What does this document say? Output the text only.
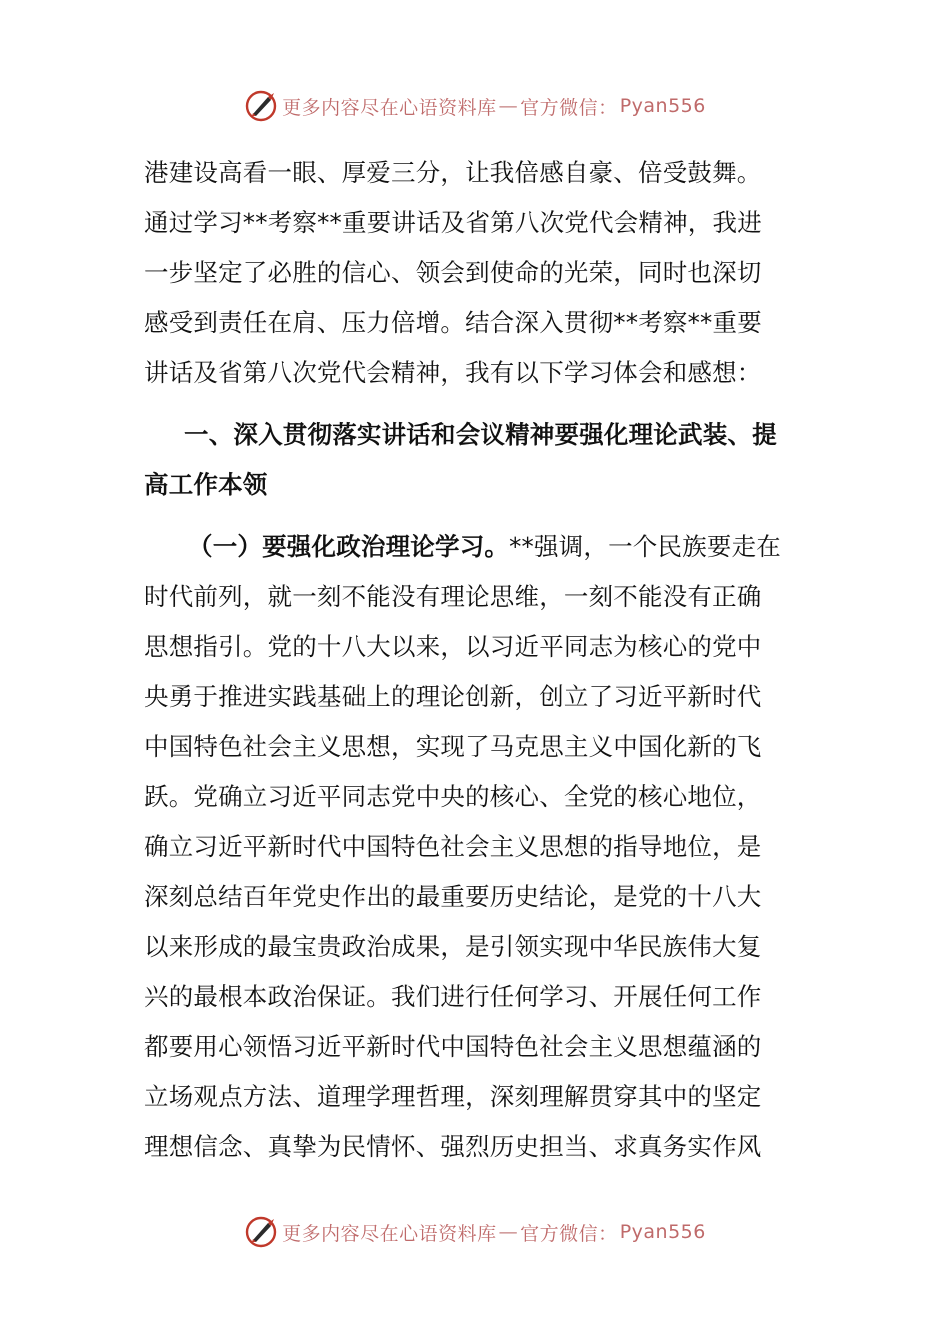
更多内容尽在心语资料库 — 官方微信： Pyan556
港建设高看一眼、厚爱三分，让我倍感自豪、倍受鼓舞。
通过学习**考察**重要讲话及省第八次党代会精神，我进
一步坚定了必胜的信心、领会到使命的光荣，同时也深切
感受到责任在肩、压力倍增。结合深入贯彻**考察**重要
讲话及省第八次党代会精神，我有以下学习体会和感想：
一、深入贯彻落实讲话和会议精神要强化理论武装、提
高工作本领
（一）要强化政治理论学习。**强调，一个民族要走在
时代前列，就一刻不能没有理论思维，一刻不能没有正确
思想指引。党的十八大以来，以习近平同志为核心的党中
央勇于推进实践基础上的理论创新，创立了习近平新时代
中国特色社会主义思想，实现了马克思主义中国化新的飞
跃。党确立习近平同志党中央的核心、全党的核心地位，
确立习近平新时代中国特色社会主义思想的指导地位，是
深刻总结百年党史作出的最重要历史结论，是党的十八大
以来形成的最宝贵政治成果，是引领实现中华民族伟大复
兴的最根本政治保证。我们进行任何学习、开展任何工作
都要用心领悟习近平新时代中国特色社会主义思想蕴涵的
立场观点方法、道理学理哲理，深刻理解贯穿其中的坚定
理想信念、真挚为民情怀、强烈历史担当、求真务实作风
更多内容尽在心语资料库 — 官方微信： Pyan556
